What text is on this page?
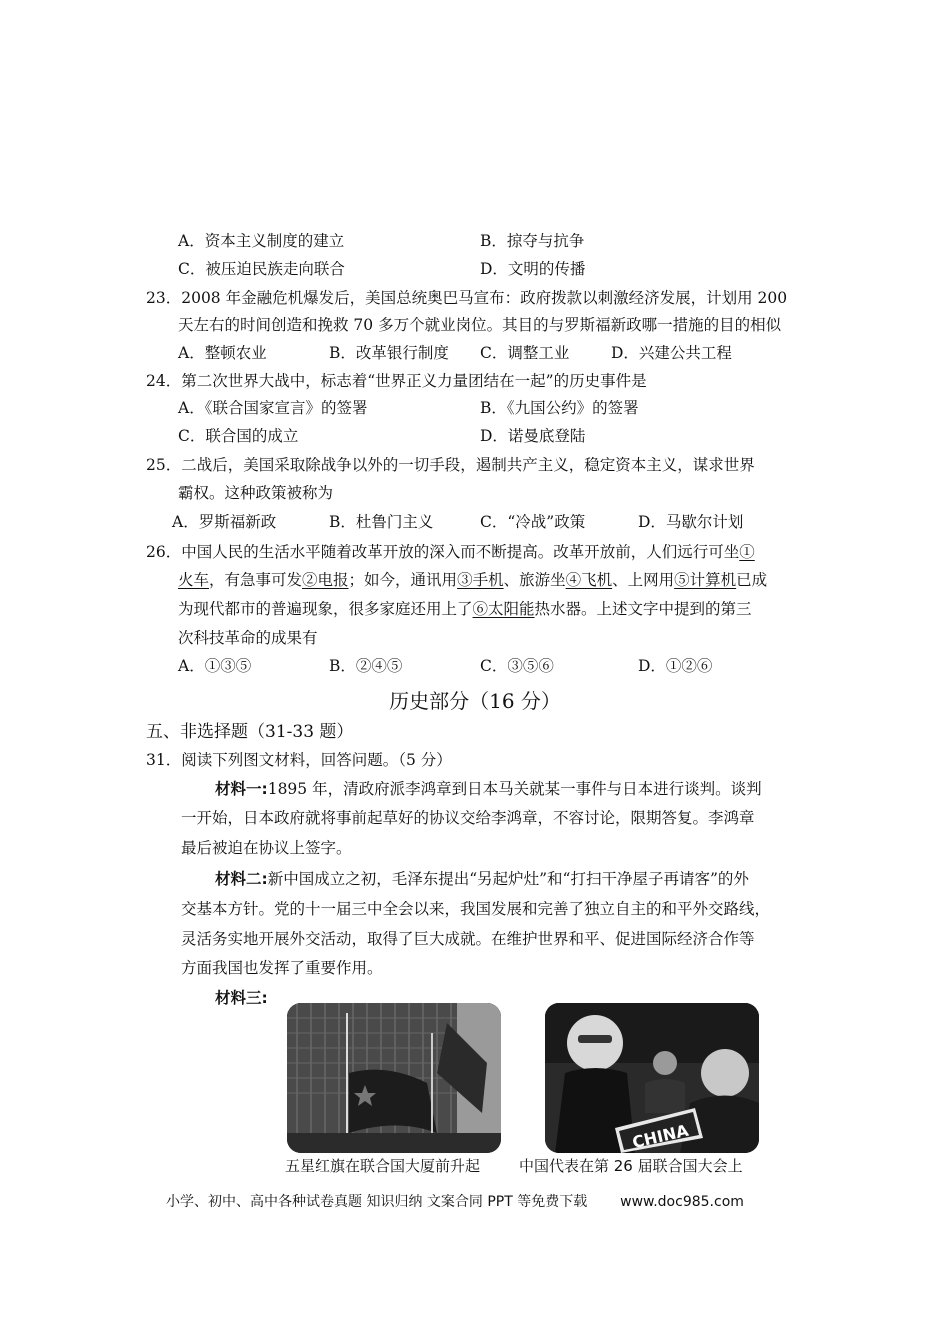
A．资本主义制度的建立	B．掠夺与抗争
C．被压迫民族走向联合	D．文明的传播
23．2008 年金融危机爆发后，美国总统奥巴马宣布：政府拨款以刺激经济发展，计划用 200
天左右的时间创造和挽救 70 多万个就业岗位。其目的与罗斯福新政哪一措施的目的相似
A．整顿农业	B．改革银行制度 C．调整工业	D．兴建公共工程
24．第二次世界大战中，标志着“世界正义力量团结在一起”的历史事件是
A．《联合国家宣言》的签署	B．《九国公约》的签署
C．联合国的成立	D．诺曼底登陆
25．二战后，美国采取除战争以外的一切手段，遏制共产主义，稳定资本主义，谋求世界
霸权。这种政策被称为
A．罗斯福新政	B．杜鲁门主义	C．“冷战”政策	D．马歇尔计划
26．中国人民的生活水平随着改革开放的深入而不断提高。改革开放前，人们远行可坐①
火车，有急事可发②电报；如今，通讯用③手机、旅游坐④飞机、上网用⑤计算机已成
为现代都市的普遍现象，很多家庭还用上了⑥太阳能热水器。上述文字中提到的第三
次科技革命的成果有
A．①③⑤	B．②④⑤	C．③⑤⑥	D．①②⑥
历史部分（16 分）
五、非选择题（31-33 题）
31．阅读下列图文材料，回答问题。（5 分）
材料一:1895 年，清政府派李鸿章到日本马关就某一事件与日本进行谈判。谈判
一开始，日本政府就将事前起草好的协议交给李鸿章，不容讨论，限期答复。李鸿章
最后被迫在协议上签字。
材料二:新中国成立之初，毛泽东提出“另起炉灶”和“打扫干净屋子再请客”的外
交基本方针。党的十一届三中全会以来，我国发展和完善了独立自主的和平外交路线，
灵活务实地开展外交活动，取得了巨大成就。在维护世界和平、促进国际经济合作等
方面我国也发挥了重要作用。
材料三:
CHINA
五星红旗在联合国大厦前升起	中国代表在第 26 届联合国大会上
小学、初中、高中各种试卷真题 知识归纳 文案合同 PPT 等免费下载 www.doc985.com
